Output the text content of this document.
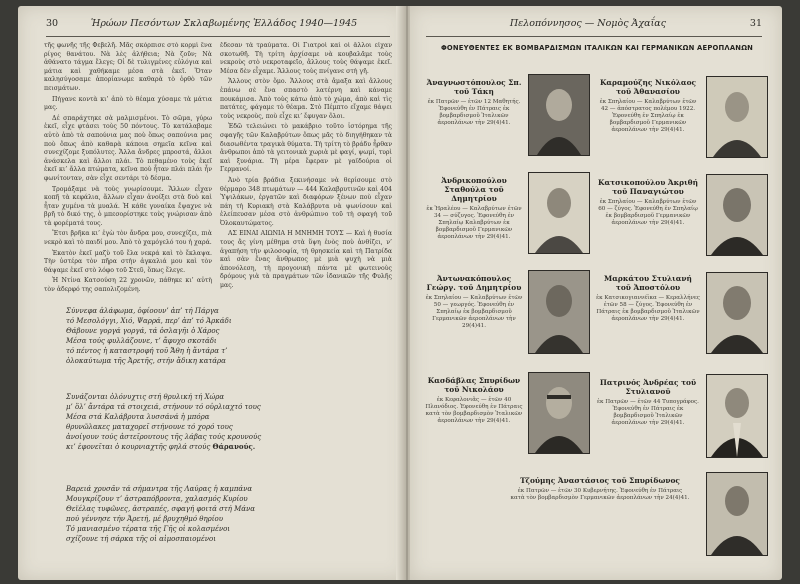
30	Ἡρώων Πεσόντων Σκλαβωμένης Ἑλλάδος 1940—1945

τῆς φωνῆς τῆς Φεβελῆ. Μᾶς σκόρπισε στὸ κορμὶ ἕνα ρίγος θανάτου. Νὰ λὲς ἀλήθεια; Νὰ ζοῦν; Νὰ ἀθάνατο τάγμα ἔλεγε; Οἱ δὲ τυλιγμένες εὐλόγια καὶ μάτια καὶ χαθήκαμε μέσα στὰ ἐκεῖ. Ὅταν καλησύγοσαμε ἀπορίανωμε καθαρὰ τὸ ὁρθὸ τῶν πεισμάτων.

Πήγανε κοντὰ κι’ ἀπὸ τὸ θέαμα χύσαμε τὰ μάτια μας.

Δέ σπαράχτηκε σὰ μαλμισμένοι. Τὸ σῶμα, γύρω ἐκεῖ, εἶχε φτάσει τοὺς 50 πόντους. Τὸ κατάλαβαμε αὐτὸ ἀπὸ τὰ σαπούνια μας ποὺ ὅπως σαπούνια μας ποὺ ὅπως ἀπὸ καθαρὰ κάποια σημεῖα κεῖνα καὶ συνεχίζομε ξυπόλυτες. Ἄλλα ἄνδρες μπροστά, ἄλλοι ἀνάσκελα καὶ ἄλλοι πλάι. Τὸ πεθαμένο τοὺς ἐκεῖ ἐκεῖ κι’ ἄλλα πτώματα, κεῖνα ποὺ ἦταν πλάι πλάι ἦν φωνίτονταν, σὰν εἶχε σεντάρι τὸ δέσμα.

Τρομάξαμε νὰ τοὺς γνωρίσουμε. Ἄλλων εἶχαν κοπῆ τὰ κεφάλια, ἄλλων εἶχαν ἀνοίξει στὰ δυὸ καὶ ἦταν χυμένα τὰ μυαλά. Ἡ κάθε γυναίκα ἔψαχνε νὰ βρῆ τὸ δικό της, ὁ μπεσορίστηκε τοὺς γνώρισαν ἀπὸ τὰ φορέματά τους.

Ἔτσι βρῆκα κι’ ἐγὼ τὸν ἄνδρα μου, συνεχίζει, πιὰ νεκρὸ καὶ τὸ παιδί μου. Ἀπὸ τὸ χαμόγελό του ἡ χαρά.

Ἐκατὸν ἐκεῖ μαζὺ τοῦ ἔλα νεκρά καὶ τὸ ἔκλαψα. Τὴν ὑστέρα τὸν πῆρα στὴν ἀγκαλιά μου καὶ τὸν θάψαμε ἐκεῖ στὸ λόφο τοῦ Στεῦ, ὅπως ἔλεγε.

Ἡ Ντίνα Κατσούση 22 χρονῶν, πάθηκε κι’ αὐτὴ τὸν ἀδερφό της σαπολιζομένη.

ἔδεσαν τὰ τραύματα. Οἱ Γιατροὶ καὶ οἱ ἄλλοι εἶχαν σκοτωθῆ. Τὴ τρίτη ἀρχίσαμε νὰ κουβαλᾶμε τοὺς νεκροὺς στὸ νεκροταφεῖο, ἄλλους τοὺς θάψαμε ἐκεῖ. Μέσα δὲν εἶχαμε. Ἄλλους τοὺς πνίγανε στὴ γῆ.

Ἄλλους στὸν ὅμο. Ἄλλους στὰ ἄμαξα καὶ ἄλλους ἐπάνω σὲ ἕνα σπαστὸ λατέρνη καὶ κάναμε πουκάμισα. Ἀπὸ τοὺς κάτω ἀπὸ τὸ χώμα, ἀπὸ καὶ τὶς πατάτες, φάγαμε τὸ θέαμα. Στὸ Πέμπτο εἴχαμε θάψει τοὺς νεκροὺς, ποὺ εἶχε κι’ ἔφυγαν ὅλοι.

Ἐδῶ τελειώνει τὸ μακάβριο τοῦτο ἱστόρημα τῆς σφαγῆς τῶν Καλαβρύτων ὅπως μᾶς τὸ διηγήθηκαν τὰ διασωθέντα τραγικὰ θύματα. Τὴ τρίτη τὸ βράδυ ἦρθαν ἄνθρωποι ἀπὸ τὰ γειτονικὰ χωριὰ μὲ φαγί, ψωμί, τυρὶ καὶ ξυνάρια. Τὴ μέρα ἔφεραν μὲ γαϊδούρια οἱ Γερμανοί.

Ἀνὸ τρία βράδια ξεκινήσαμε νὰ θερίσουμε στὸ θέρμαρο 348 πτωμάτων — 444 Καλαβρυτινῶν καὶ 404 Ὑψιλάκων, ἐργατῶν καὶ διαφόρων ξένων ποὺ εἶχαν πάη τὴ Κυριακὴ στὰ Καλάβρυτα νὰ ψωνίσουν καὶ ἐλείπευσαν μέσα στὸ ἀνθρώπινο τοῦ τὴ σφαγὴ τοῦ Ὀλοκαυτώματος.

ΑΣ ΕΙΝΑΙ ΑΙΩΝΙΑ Η ΜΝΗΜΗ ΤΟΥΣ — Καὶ ἡ θυσία τους ἂς γίνη μέθημα στὰ ὕψη ἑνὸς ποὺ ἀνθίζει, ν’ ἀγαπήση τὴν φιλοσοφία, τὴ θρησκεία καὶ τὴ Πατρίδα καὶ σὰν ἕνας ἄνθρωπος μὲ μιὰ ψυχὴ νὰ μιὰ ἀπονόλεση, τὴ προγονικὴ πάντα μὲ φωτεινοὺς δρόμους γιὰ τὰ πραγμάτων τῶν ἰδανικῶν τῆς Φυλῆς μας.

Σύννεφα ἀλάφωμα, ὀφίοουν’ ἀπ’ τή Πάργα
τό Μεσολόγγι, Χιό, Ψαρρά, περ’ ἀπ’ τό Ἀρκάδι
Θάβουνε γοργά γοργά, τά ὀσλαγῆι ὁ Χάρος
Μέσα τούς φυλλάζουνε, τ’ ἄφυχο σκοτάδι
τό πέντος ἡ καταστροφή τοῦ Ἄθη ἡ ἄντάρα τ’
ὁλοκαύτωμα τῆς Ἀρετῆς, στήν ἄδικη κατάρα
Συνάζονται ὁλόνυχτις στή θρυλική τή Χώρα
μ’ ὅλ’ ἄντάρα τά στοιχειά, στήνουν τό οὐρλιαχτό τους
Μέσα στά Καλάβρυτα λυσσάνά ἡ μπόρα
θρυνῶλακες ματαχορεῖ στήνουνε τό χορό τους
ἀνοίγουν τούς ἀστεῖρουτους τῆς λάβας τούς κρουνούς
κι’ ἐφονεῖται ὁ κουρνιαχτῆς φηλά στούς Θάρανούς.
Βαρειά χρυσᾶν τά σήμαντρα τῆς Λαύρας ἡ καμπάνα
Μουγκρίζουν τ’ ἀστραπόβροντα, χαλασμός Κυρίου
Θεϊέλας τυφῶνες, ἀστραπές, σφαγή φοιτά στή Μάνα
πού γέννησε τήν Ἀρετή, μέ βρυχηθμό θηρίου
Τό μανιασμένο τέρατα τῆς Γῆς οἱ κολασμένοι
σχίζουνε τή σάρκα τῆς οἱ αἱμοσπαιομένοι
Πελοπόννησος — Νομὸς Ἀχαΐας	31
ΦΟΝΕΥΘΕΝΤΕΣ ΕΚ ΒΟΜΒΑΡΔΙΣΜΩΝ ΙΤΑΛΙΚΩΝ ΚΑΙ ΓΕΡΜΑΝΙΚΩΝ ΑΕΡΟΠΛΑΝΩΝ
Ἀναγνωστόπουλος Σπ. τοῦ Τάκη
ἐκ Πατρῶν — ἐτῶν 12 Μαθητής. Ἐφονεύθη ἐν Πάτραις ἐκ βομβαρδισμοῦ Ἰταλικῶν ἀεροπλάνων τὴν 29(4)41.
Καραμούζης Νικόλαος τοῦ Ἀθανασίου
ἐκ Σπηλαίου — Καλαβρύτων ἐτῶν 42 — ἀπόστρατος πολέμου 1922. Ἐφονεύθη ἐν Σπηλαίῳ ἐκ βομβαρδισμοῦ Γερμανικῶν ἀεροπλάνων τὴν 29(4)41.
Ἀνδρικοπούλου Σταθούλα τοῦ Δημητρίου
ἐκ Ἡραλέου — Καλαβρύτων ἐτῶν 34 — σύζυγος. Ἐφονεύθη ἐν Σπηλαίῳ Καλαβρύτων ἐκ βομβαρδισμοῦ Γερμανικῶν ἀεροπλάνων τὴν 29(4)41.
Κατσικοπούλου Ἀκριθή τοῦ Παναγιώτου
ἐκ Σπηλαίου — Καλαβρύτων ἐτῶν 60 — ζύγος. Ἐφονεύθη ἐν Σπηλαίῳ ἐκ βομβαρδισμοῦ Γερμανικῶν ἀεροπλάνων τὴν 29(4)41.
Ἀντωνακόπουλος Γεώργ. τοῦ Δημητρίου
ἐκ Σπηλαίου — Καλαβρύτων ἐτῶν 50 — γεωργός. Ἐφονεύθη ἐν Σπηλαίῳ ἐκ βομβαρδισμοῦ Γερμανικῶν ἀεροπλάνων τὴν 29(4)41.
Μαρκάτου Στυλιανή τοῦ Ἀποστόλου
ἐκ Κατσικογιαννέϊκα — Κεραλλήνες ἐτῶν 58 — ζύγος. Ἐφονεύθη ἐν Πάτραις ἐκ βομβαρδισμοῦ Ἰταλικῶν ἀεροπλάνων τὴν 29(4)41.
Κασδάβλας Σπυρίδων τοῦ Νικολάου
ἐκ Κεφαλονιᾶς — ἐτῶν 40 Πλανόδιος. Ἐφονεύθη ἐν Πάτραις κατὰ τὸν βομβαρδισμὸν Ἰταλικῶν ἀεροπλάνων τὴν 29(4)41.
Πατρινός Ἀνδρέας τοῦ Στυλιανοῦ
ἐκ Πατρῶν — ἐτῶν 44 Τυπογράφος. Ἐφονεύθη ἐν Πάτραις ἐκ βομβαρδισμοῦ Ἰταλικῶν ἀεροπλάνων τὴν 29(4)41.
Τζούμης Ἀναστάσιος τοῦ Σπυρίδωνος
ἐκ Πατρῶν — ἐτῶν 30 Κυβερνήτης. Ἐφονεύθη ἐν Πάτραις κατὰ τὸν βομβαρδισμὸν Γερμανικῶν ἀεροπλάνων τὴν 24(4)41.
